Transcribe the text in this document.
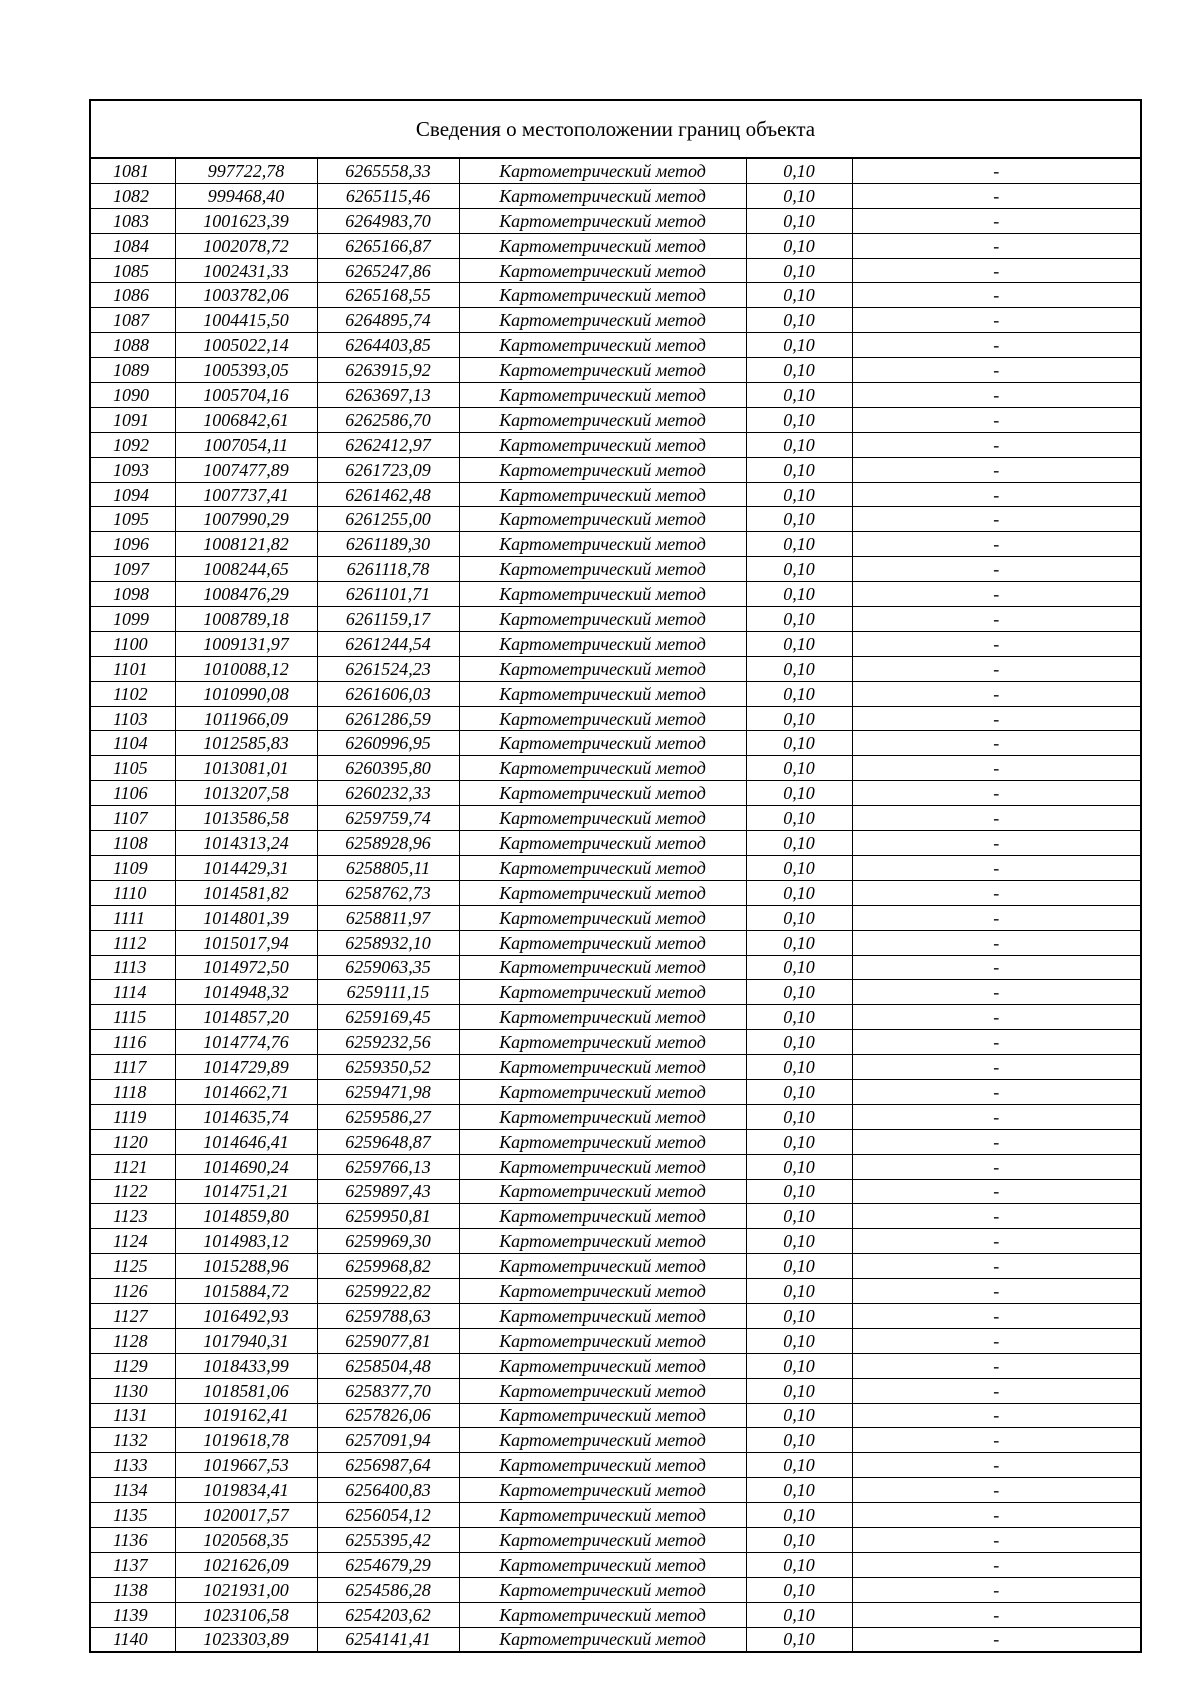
Сведения о местоположении границ объекта
1081	997722,78	6265558,33	Картометрический метод	0,10	-
1082	999468,40	6265115,46	Картометрический метод	0,10	-
1083	1001623,39	6264983,70	Картометрический метод	0,10	-
1084	1002078,72	6265166,87	Картометрический метод	0,10	-
1085	1002431,33	6265247,86	Картометрический метод	0,10	-
1086	1003782,06	6265168,55	Картометрический метод	0,10	-
1087	1004415,50	6264895,74	Картометрический метод	0,10	-
1088	1005022,14	6264403,85	Картометрический метод	0,10	-
1089	1005393,05	6263915,92	Картометрический метод	0,10	-
1090	1005704,16	6263697,13	Картометрический метод	0,10	-
1091	1006842,61	6262586,70	Картометрический метод	0,10	-
1092	1007054,11	6262412,97	Картометрический метод	0,10	-
1093	1007477,89	6261723,09	Картометрический метод	0,10	-
1094	1007737,41	6261462,48	Картометрический метод	0,10	-
1095	1007990,29	6261255,00	Картометрический метод	0,10	-
1096	1008121,82	6261189,30	Картометрический метод	0,10	-
1097	1008244,65	6261118,78	Картометрический метод	0,10	-
1098	1008476,29	6261101,71	Картометрический метод	0,10	-
1099	1008789,18	6261159,17	Картометрический метод	0,10	-
1100	1009131,97	6261244,54	Картометрический метод	0,10	-
1101	1010088,12	6261524,23	Картометрический метод	0,10	-
1102	1010990,08	6261606,03	Картометрический метод	0,10	-
1103	1011966,09	6261286,59	Картометрический метод	0,10	-
1104	1012585,83	6260996,95	Картометрический метод	0,10	-
1105	1013081,01	6260395,80	Картометрический метод	0,10	-
1106	1013207,58	6260232,33	Картометрический метод	0,10	-
1107	1013586,58	6259759,74	Картометрический метод	0,10	-
1108	1014313,24	6258928,96	Картометрический метод	0,10	-
1109	1014429,31	6258805,11	Картометрический метод	0,10	-
1110	1014581,82	6258762,73	Картометрический метод	0,10	-
1111	1014801,39	6258811,97	Картометрический метод	0,10	-
1112	1015017,94	6258932,10	Картометрический метод	0,10	-
1113	1014972,50	6259063,35	Картометрический метод	0,10	-
1114	1014948,32	6259111,15	Картометрический метод	0,10	-
1115	1014857,20	6259169,45	Картометрический метод	0,10	-
1116	1014774,76	6259232,56	Картометрический метод	0,10	-
1117	1014729,89	6259350,52	Картометрический метод	0,10	-
1118	1014662,71	6259471,98	Картометрический метод	0,10	-
1119	1014635,74	6259586,27	Картометрический метод	0,10	-
1120	1014646,41	6259648,87	Картометрический метод	0,10	-
1121	1014690,24	6259766,13	Картометрический метод	0,10	-
1122	1014751,21	6259897,43	Картометрический метод	0,10	-
1123	1014859,80	6259950,81	Картометрический метод	0,10	-
1124	1014983,12	6259969,30	Картометрический метод	0,10	-
1125	1015288,96	6259968,82	Картометрический метод	0,10	-
1126	1015884,72	6259922,82	Картометрический метод	0,10	-
1127	1016492,93	6259788,63	Картометрический метод	0,10	-
1128	1017940,31	6259077,81	Картометрический метод	0,10	-
1129	1018433,99	6258504,48	Картометрический метод	0,10	-
1130	1018581,06	6258377,70	Картометрический метод	0,10	-
1131	1019162,41	6257826,06	Картометрический метод	0,10	-
1132	1019618,78	6257091,94	Картометрический метод	0,10	-
1133	1019667,53	6256987,64	Картометрический метод	0,10	-
1134	1019834,41	6256400,83	Картометрический метод	0,10	-
1135	1020017,57	6256054,12	Картометрический метод	0,10	-
1136	1020568,35	6255395,42	Картометрический метод	0,10	-
1137	1021626,09	6254679,29	Картометрический метод	0,10	-
1138	1021931,00	6254586,28	Картометрический метод	0,10	-
1139	1023106,58	6254203,62	Картометрический метод	0,10	-
1140	1023303,89	6254141,41	Картометрический метод	0,10	-
